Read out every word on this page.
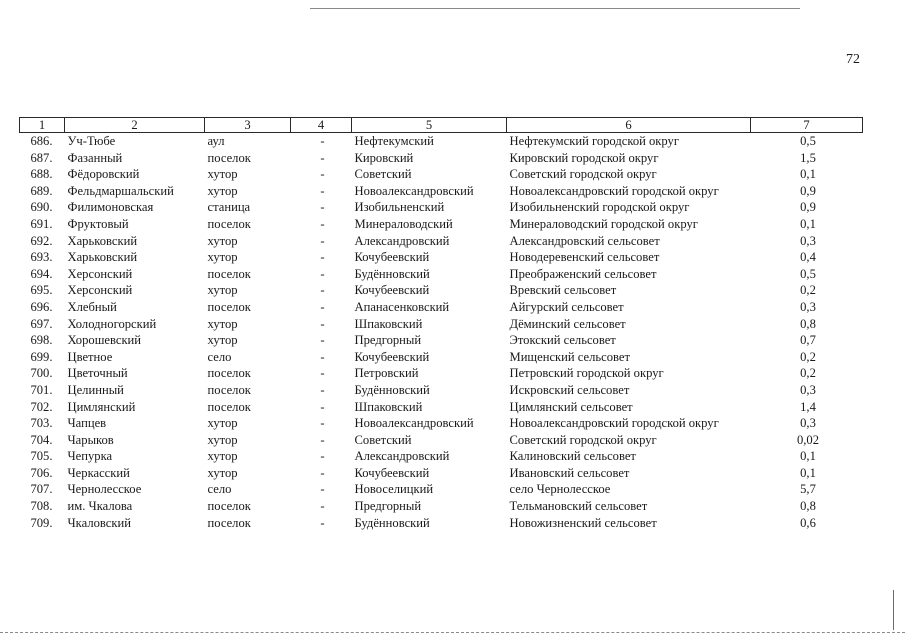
72
1	2	3	4	5	6	7
686.	Уч-Тюбе	аул	-	Нефтекумский	Нефтекумский городской округ	0,5
687.	Фазанный	поселок	-	Кировский	Кировский городской округ	1,5
688.	Фёдоровский	хутор	-	Советский	Советский городской округ	0,1
689.	Фельдмаршальский	хутор	-	Новоалександровский	Новоалександровский городской округ	0,9
690.	Филимоновская	станица	-	Изобильненский	Изобильненский городской округ	0,9
691.	Фруктовый	поселок	-	Минераловодский	Минераловодский городской округ	0,1
692.	Харьковский	хутор	-	Александровский	Александровский сельсовет	0,3
693.	Харьковский	хутор	-	Кочубеевский	Новодеревенский сельсовет	0,4
694.	Херсонский	поселок	-	Будённовский	Преображенский сельсовет	0,5
695.	Херсонский	хутор	-	Кочубеевский	Вревский сельсовет	0,2
696.	Хлебный	поселок	-	Апанасенковский	Айгурский сельсовет	0,3
697.	Холодногорский	хутор	-	Шпаковский	Дёминский сельсовет	0,8
698.	Хорошевский	хутор	-	Предгорный	Этокский сельсовет	0,7
699.	Цветное	село	-	Кочубеевский	Мищенский сельсовет	0,2
700.	Цветочный	поселок	-	Петровский	Петровский городской округ	0,2
701.	Целинный	поселок	-	Будённовский	Искровский сельсовет	0,3
702.	Цимлянский	поселок	-	Шпаковский	Цимлянский сельсовет	1,4
703.	Чапцев	хутор	-	Новоалександровский	Новоалександровский городской округ	0,3
704.	Чарыков	хутор	-	Советский	Советский городской округ	0,02
705.	Чепурка	хутор	-	Александровский	Калиновский сельсовет	0,1
706.	Черкасский	хутор	-	Кочубеевский	Ивановский сельсовет	0,1
707.	Чернолесское	село	-	Новоселицкий	село Чернолесское	5,7
708.	им. Чкалова	поселок	-	Предгорный	Тельмановский сельсовет	0,8
709.	Чкаловский	поселок	-	Будённовский	Новожизненский сельсовет	0,6
